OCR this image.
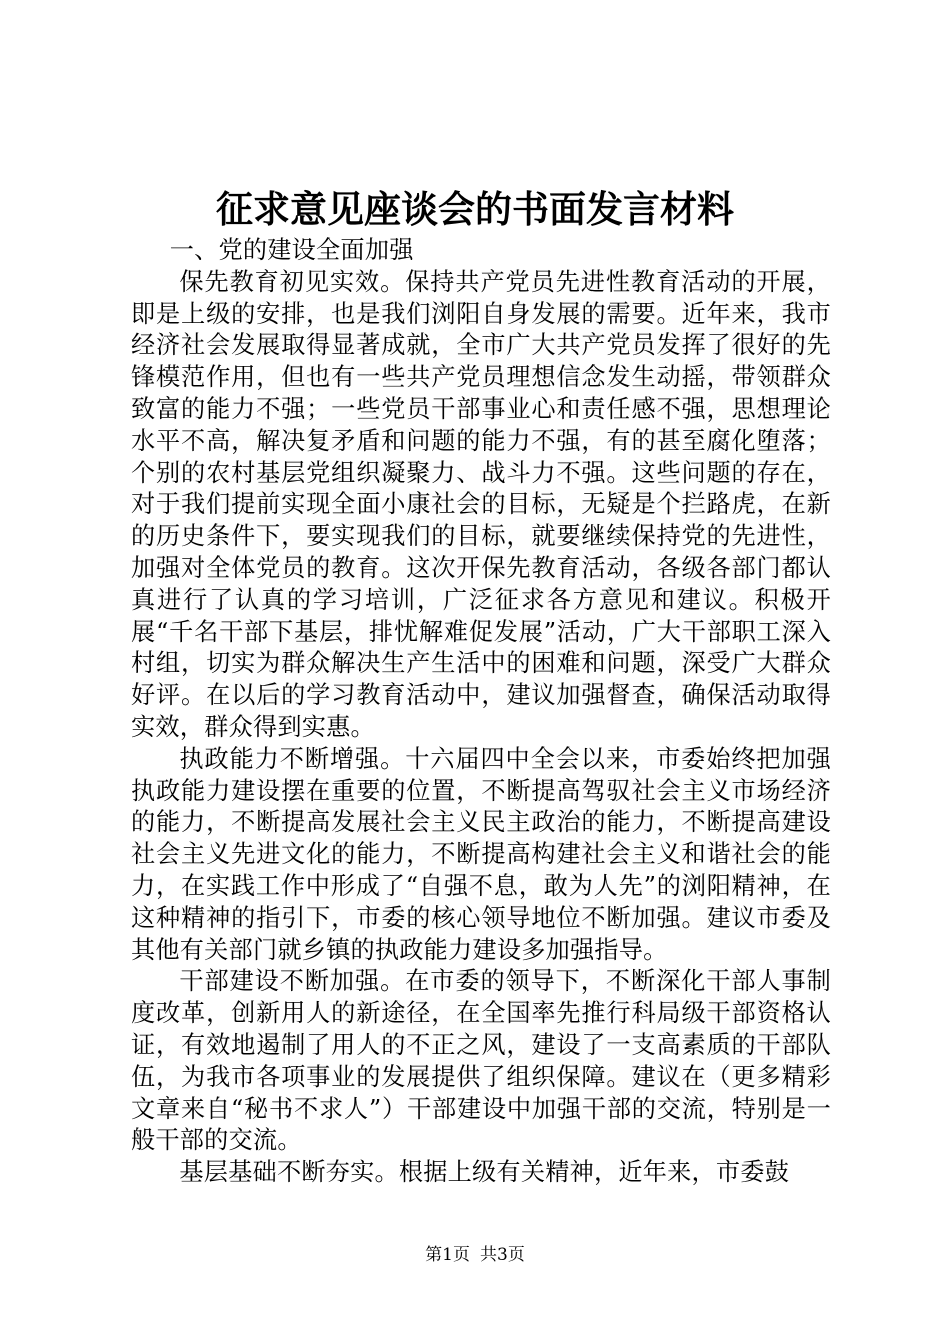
征求意见座谈会的书面发言材料

一、党的建设全面加强

保先教育初见实效。保持共产党员先进性教育活动的开展，即是上级的安排，也是我们浏阳自身发展的需要。近年来，我市经济社会发展取得显著成就，全市广大共产党员发挥了很好的先锋模范作用，但也有一些共产党员理想信念发生动摇，带领群众致富的能力不强；一些党员干部事业心和责任感不强，思想理论水平不高，解决复矛盾和问题的能力不强，有的甚至腐化堕落；个别的农村基层党组织凝聚力、战斗力不强。这些问题的存在，对于我们提前实现全面小康社会的目标，无疑是个拦路虎，在新的历史条件下，要实现我们的目标，就要继续保持党的先进性，加强对全体党员的教育。这次开保先教育活动，各级各部门都认真进行了认真的学习培训，广泛征求各方意见和建议。积极开展“千名干部下基层，排忧解难促发展”活动，广大干部职工深入村组，切实为群众解决生产生活中的困难和问题，深受广大群众好评。在以后的学习教育活动中，建议加强督查，确保活动取得实效，群众得到实惠。

执政能力不断增强。十六届四中全会以来，市委始终把加强执政能力建设摆在重要的位置，不断提高驾驭社会主义市场经济的能力，不断提高发展社会主义民主政治的能力，不断提高建设社会主义先进文化的能力，不断提高构建社会主义和谐社会的能力，在实践工作中形成了“自强不息，敢为人先”的浏阳精神，在这种精神的指引下，市委的核心领导地位不断加强。建议市委及其他有关部门就乡镇的执政能力建设多加强指导。

干部建设不断加强。在市委的领导下，不断深化干部人事制度改革，创新用人的新途径，在全国率先推行科局级干部资格认证，有效地遏制了用人的不正之风，建设了一支高素质的干部队伍，为我市各项事业的发展提供了组织保障。建议在（更多精彩文章来自“秘书不求人”）干部建设中加强干部的交流，特别是一般干部的交流。

基层基础不断夯实。根据上级有关精神，近年来，市委鼓

第1页 共3页
